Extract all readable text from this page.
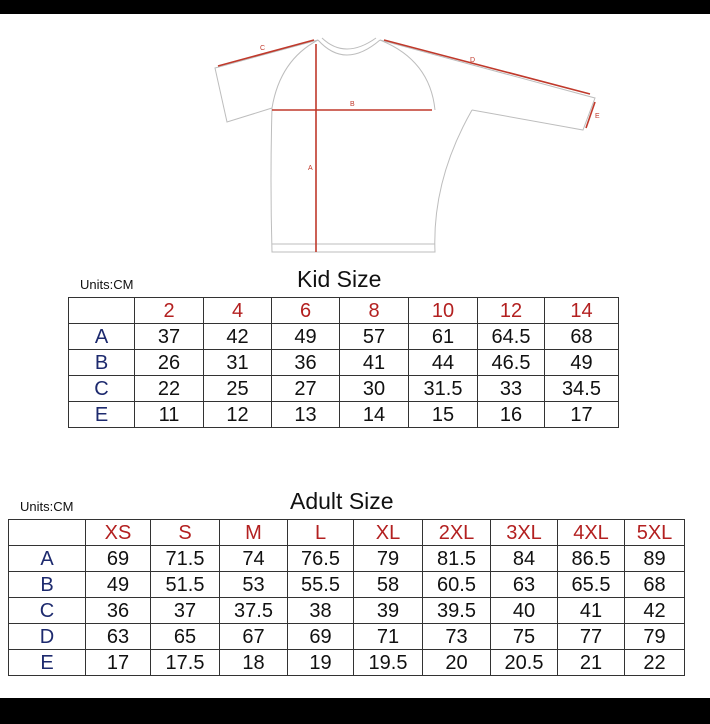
C
D
B
A
E
Units:CM	Kid Size
	2	4	6	8	10	12	14
A	37	42	49	57	61	64.5	68
B	26	31	36	41	44	46.5	49
C	22	25	27	30	31.5	33	34.5
E	11	12	13	14	15	16	17
Units:CM	Adult Size
	XS	S	M	L	XL	2XL	3XL	4XL	5XL
A	69	71.5	74	76.5	79	81.5	84	86.5	89
B	49	51.5	53	55.5	58	60.5	63	65.5	68
C	36	37	37.5	38	39	39.5	40	41	42
D	63	65	67	69	71	73	75	77	79
E	17	17.5	18	19	19.5	20	20.5	21	22
